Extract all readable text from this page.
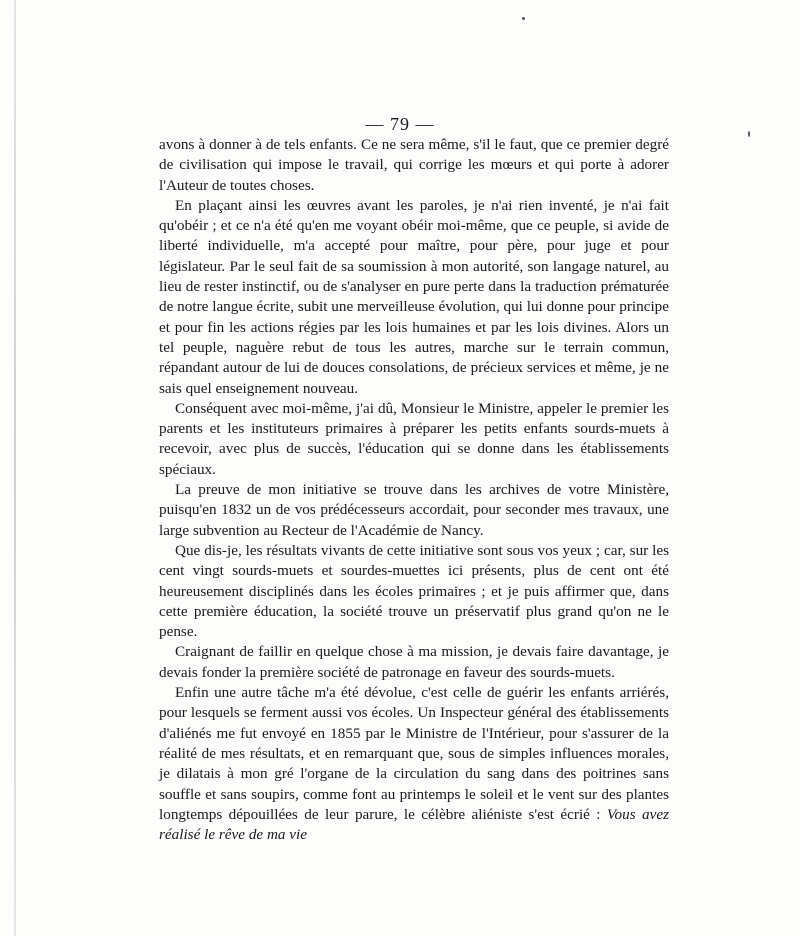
— 79 —

avons à donner à de tels enfants. Ce ne sera même, s'il le faut, que ce premier degré de civilisation qui impose le travail, qui corrige les mœurs et qui porte à adorer l'Auteur de toutes choses.

En plaçant ainsi les œuvres avant les paroles, je n'ai rien inventé, je n'ai fait qu'obéir ; et ce n'a été qu'en me voyant obéir moi-même, que ce peuple, si avide de liberté individuelle, m'a accepté pour maître, pour père, pour juge et pour législateur. Par le seul fait de sa soumission à mon autorité, son langage naturel, au lieu de rester instinctif, ou de s'analyser en pure perte dans la traduction prématurée de notre langue écrite, subit une merveilleuse évolution, qui lui donne pour principe et pour fin les actions régies par les lois humaines et par les lois divines. Alors un tel peuple, naguère rebut de tous les autres, marche sur le terrain commun, répandant autour de lui de douces consolations, de précieux services et même, je ne sais quel enseignement nouveau.

Conséquent avec moi-même, j'ai dû, Monsieur le Ministre, appeler le premier les parents et les instituteurs primaires à préparer les petits enfants sourds-muets à recevoir, avec plus de succès, l'éducation qui se donne dans les établissements spéciaux.

La preuve de mon initiative se trouve dans les archives de votre Ministère, puisqu'en 1832 un de vos prédécesseurs accordait, pour seconder mes travaux, une large subvention au Recteur de l'Académie de Nancy.

Que dis-je, les résultats vivants de cette initiative sont sous vos yeux ; car, sur les cent vingt sourds-muets et sourdes-muettes ici présents, plus de cent ont été heureusement disciplinés dans les écoles primaires ; et je puis affirmer que, dans cette première éducation, la société trouve un préservatif plus grand qu'on ne le pense.

Craignant de faillir en quelque chose à ma mission, je devais faire davantage, je devais fonder la première société de patronage en faveur des sourds-muets.

Enfin une autre tâche m'a été dévolue, c'est celle de guérir les enfants arriérés, pour lesquels se ferment aussi vos écoles. Un Inspecteur général des établissements d'aliénés me fut envoyé en 1855 par le Ministre de l'Intérieur, pour s'assurer de la réalité de mes résultats, et en remarquant que, sous de simples influences morales, je dilatais à mon gré l'organe de la circulation du sang dans des poitrines sans souffle et sans soupirs, comme font au printemps le soleil et le vent sur des plantes longtemps dépouillées de leur parure, le célèbre aliéniste s'est écrié : Vous avez réalisé le rêve de ma vie
